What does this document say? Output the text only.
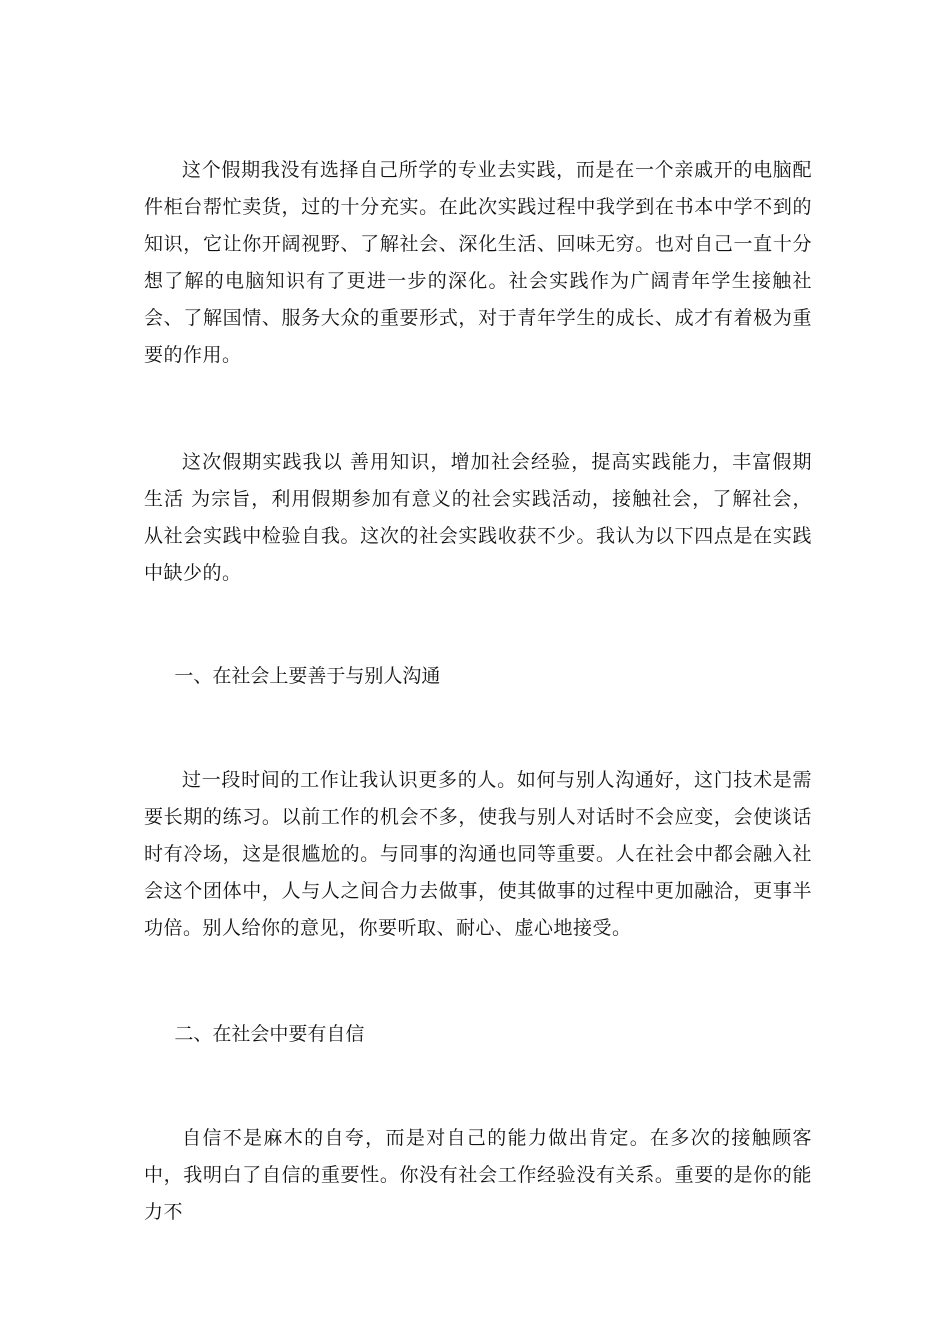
这个假期我没有选择自己所学的专业去实践，而是在一个亲戚开的电脑配件柜台帮忙卖货，过的十分充实。在此次实践过程中我学到在书本中学不到的知识，它让你开阔视野、了解社会、深化生活、回味无穷。也对自己一直十分想了解的电脑知识有了更进一步的深化。社会实践作为广阔青年学生接触社会、了解国情、服务大众的重要形式，对于青年学生的成长、成才有着极为重要的作用。

这次假期实践我以 善用知识，增加社会经验，提高实践能力，丰富假期生活 为宗旨，利用假期参加有意义的社会实践活动，接触社会，了解社会，从社会实践中检验自我。这次的社会实践收获不少。我认为以下四点是在实践中缺少的。

一、在社会上要善于与别人沟通

过一段时间的工作让我认识更多的人。如何与别人沟通好，这门技术是需要长期的练习。以前工作的机会不多，使我与别人对话时不会应变，会使谈话时有冷场，这是很尴尬的。与同事的沟通也同等重要。人在社会中都会融入社会这个团体中，人与人之间合力去做事，使其做事的过程中更加融洽，更事半功倍。别人给你的意见，你要听取、耐心、虚心地接受。

二、在社会中要有自信

自信不是麻木的自夸，而是对自己的能力做出肯定。在多次的接触顾客中，我明白了自信的重要性。你没有社会工作经验没有关系。重要的是你的能力不
